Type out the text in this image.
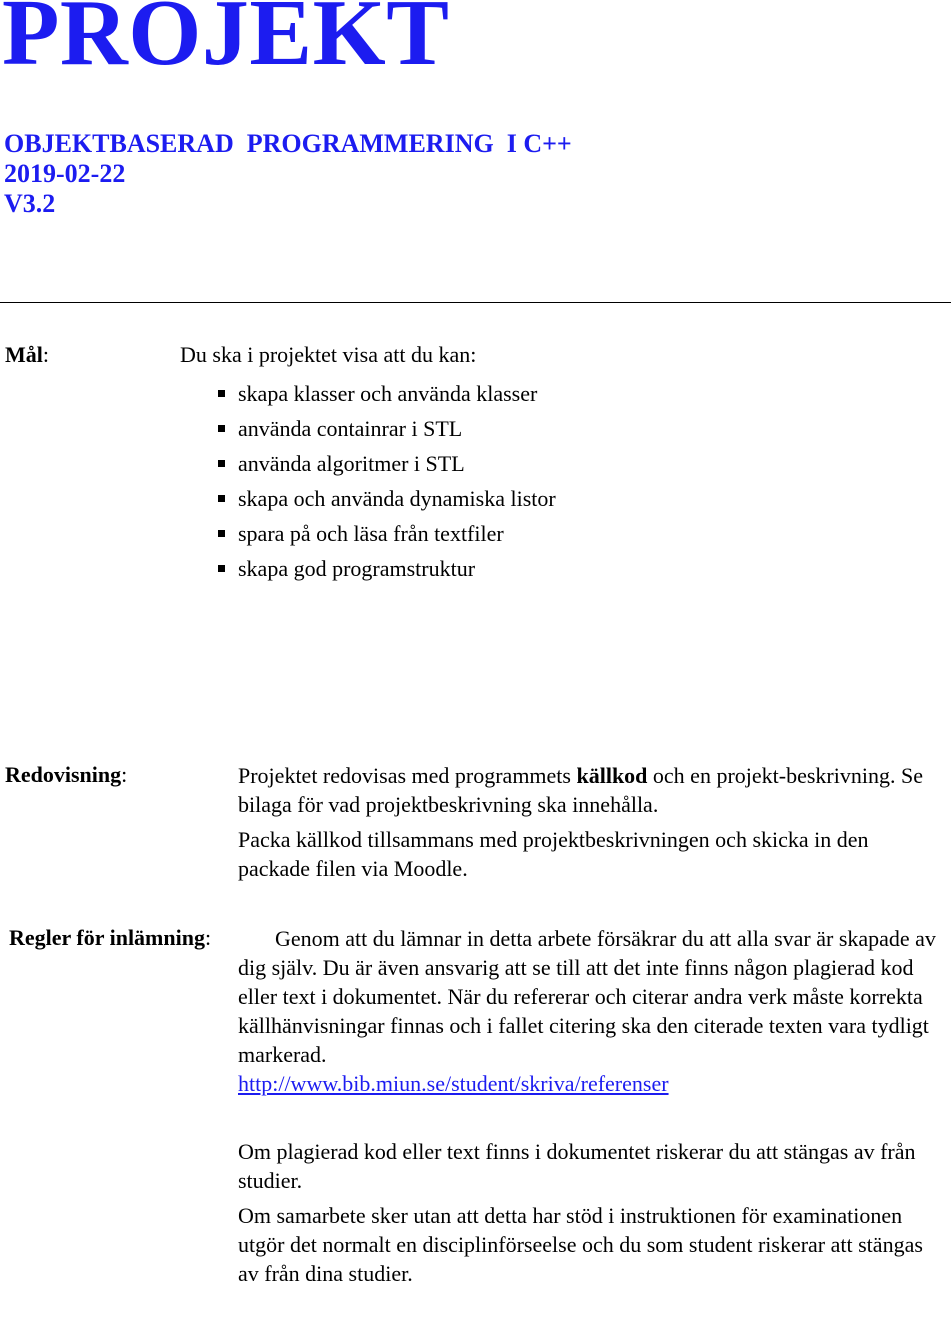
PROJEKT
OBJEKTBASERAD  PROGRAMMERING  I C++
2019-02-22
V3.2
Mål:	Du ska i projektet visa att du kan:
skapa klasser och använda klasser
använda containrar i STL
använda algoritmer i STL
skapa och använda dynamiska listor
spara på och läsa från textfiler
skapa god programstruktur
Redovisning:	Projektet redovisas med programmets källkod och en projekt-beskrivning. Se bilaga för vad projektbeskrivning ska innehålla.
Packa källkod tillsammans med projektbeskrivningen och skicka in den packade filen via Moodle.
Regler för inlämning:	Genom att du lämnar in detta arbete försäkrar du att alla svar är skapade av dig själv. Du är även ansvarig att se till att det inte finns någon plagierad kod eller text i dokumentet. När du refererar och citerar andra verk måste korrekta källhänvisningar finnas och i fallet citering ska den citerade texten vara tydligt markerad.
http://www.bib.miun.se/student/skriva/referenser
Om plagierad kod eller text finns i dokumentet riskerar du att stängas av från studier.
Om samarbete sker utan att detta har stöd i instruktionen för examinationen utgör det normalt en disciplinförseelse och du som student riskerar att stängas av från dina studier.
